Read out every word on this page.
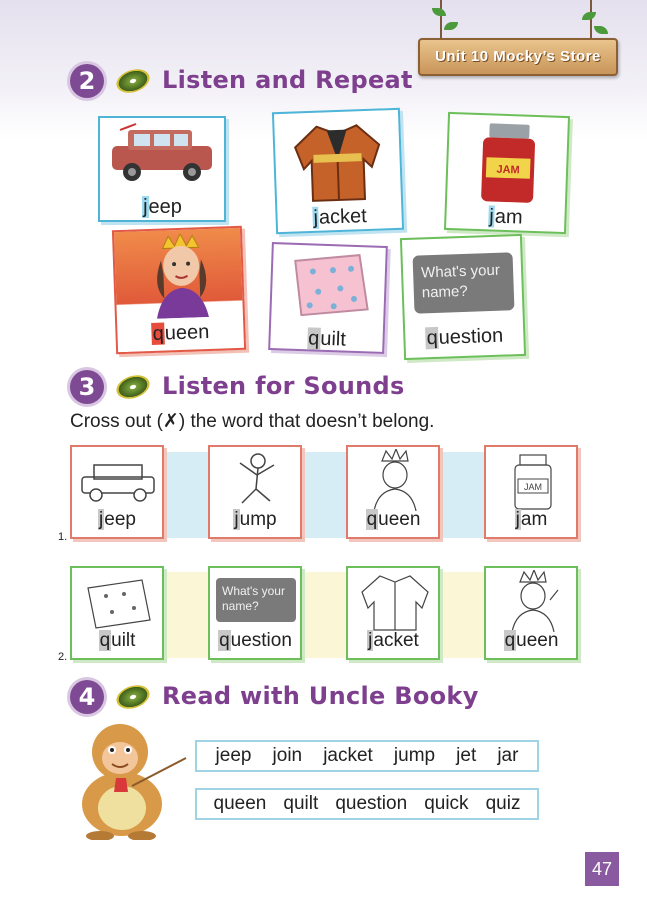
Unit 10 Mocky’s Store
2	Listen and Repeat
jeep	jacket
JAM
jam
queen	quilt
What's your name?
question
3	Listen for Sounds
Cross out (✗) the word that doesn’t belong.
1.
2.
jeep	jump	queen
JAM
jam
quilt
What's your name?
question	jacket	queen
4	Read with Uncle Booky
jeep join jacket jump jet jar
queen quilt question quick quiz
47
